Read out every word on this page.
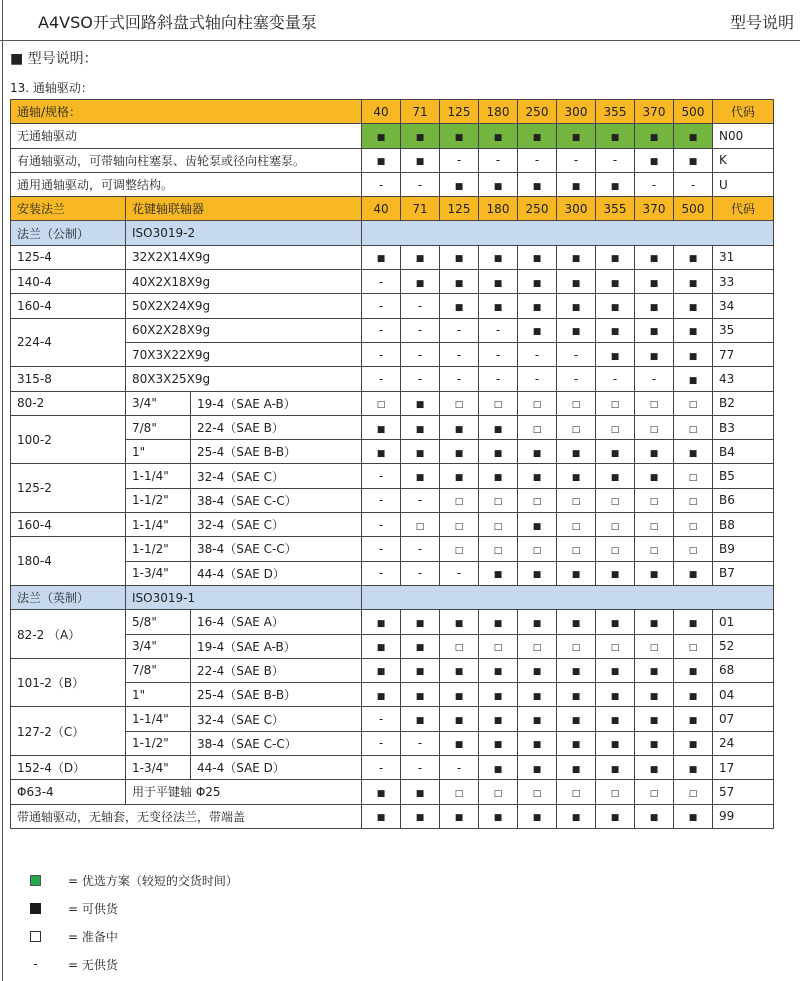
A4VSO开式回路斜盘式轴向柱塞变量泵	型号说明
■ 型号说明：
13. 通轴驱动：
通轴/规格：			40	71	125	180	250	300	355	370	500	代码
无通轴驱动			■	■	■	■	■	■	■	■	■	N00
有通轴驱动，可带轴向柱塞泵、齿轮泵或径向柱塞泵。			■	■	-	-	-	-	-	■	■	K
通用通轴驱动，可调整结构。			-	-	■	■	■	■	■	-	-	U
安装法兰	花键轴联轴器		40	71	125	180	250	300	355	370	500	代码
法兰（公制）	ISO3019-2											
125-4	32X2X14X9g		■	■	■	■	■	■	■	■	■	31
140-4	40X2X18X9g		-	■	■	■	■	■	■	■	■	33
160-4	50X2X24X9g		-	-	■	■	■	■	■	■	■	34
224-4	60X2X28X9g		-	-	-	-	■	■	■	■	■	35
	70X3X22X9g		-	-	-	-	-	-	■	■	■	77
315-8	80X3X25X9g		-	-	-	-	-	-	-	-	■	43
80-2	3/4"	19-4（SAE A-B）	□	■	□	□	□	□	□	□	□	B2
100-2	7/8"	22-4（SAE B）	■	■	■	■	□	□	□	□	□	B3
	1"	25-4（SAE B-B）	■	■	■	■	■	■	■	■	■	B4
125-2	1-1/4"	32-4（SAE C）	-	■	■	■	■	■	■	■	□	B5
	1-1/2"	38-4（SAE C-C）	-	-	□	□	□	□	□	□	□	B6
160-4	1-1/4"	32-4（SAE C）	-	□	□	□	■	□	□	□	□	B8
180-4	1-1/2"	38-4（SAE C-C）	-	-	□	□	□	□	□	□	□	B9
	1-3/4"	44-4（SAE D）	-	-	-	■	■	■	■	■	■	B7
法兰（英制）	ISO3019-1											
82-2 （A）	5/8"	16-4（SAE A）	■	■	■	■	■	■	■	■	■	01
	3/4"	19-4（SAE A-B）	■	■	□	□	□	□	□	□	□	52
101-2（B）	7/8"	22-4（SAE B）	■	■	■	■	■	■	■	■	■	68
	1"	25-4（SAE B-B）	■	■	■	■	■	■	■	■	■	04
127-2（C）	1-1/4"	32-4（SAE C）	-	■	■	■	■	■	■	■	■	07
	1-1/2"	38-4（SAE C-C）	-	-	■	■	■	■	■	■	■	24
152-4（D）	1-3/4"	44-4（SAE D）	-	-	-	■	■	■	■	■	■	17
Φ63-4	用于平键轴 Φ25		■	■	□	□	□	□	□	□	□	57
带通轴驱动，无轴套，无变径法兰，带端盖			■	■	■	■	■	■	■	■	■	99
= 优选方案（较短的交货时间）
= 可供货
= 准备中
-	= 无供货
